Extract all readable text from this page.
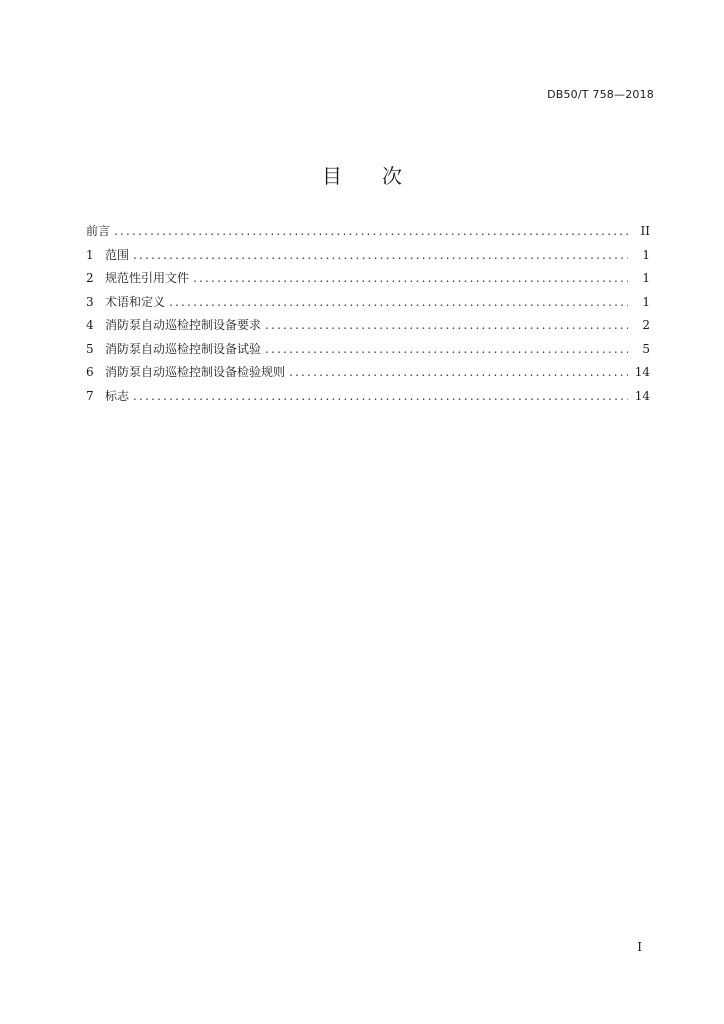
DB50/T 758—2018
目 次
前言 .....	II
1 范围 .....	1
2 规范性引用文件 .....	1
3 术语和定义 .....	1
4 消防泵自动巡检控制设备要求 .....	2
5 消防泵自动巡检控制设备试验 .....	5
6 消防泵自动巡检控制设备检验规则 .....	14
7 标志 .....	14
I
